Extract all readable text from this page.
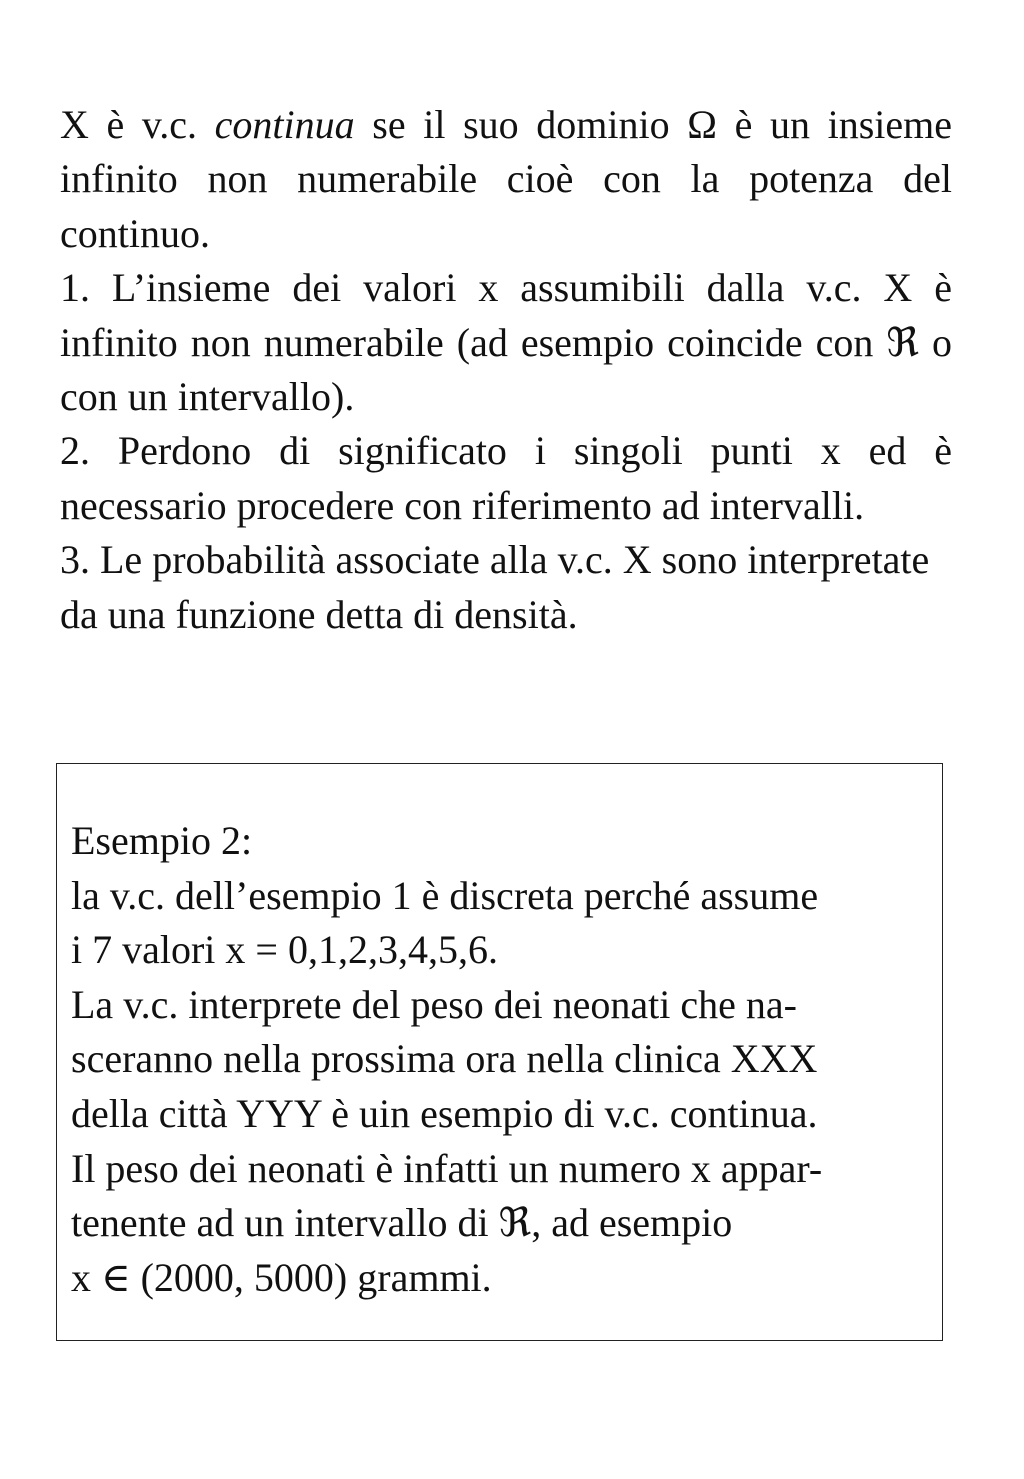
X è v.c. continua se il suo dominio Ω è un insieme infinito non numerabile cioè con la potenza del continuo.

1. L’insieme dei valori x assumibili dalla v.c. X è infinito non numerabile (ad esempio coincide con ℜ o con un intervallo).

2. Perdono di significato i singoli punti x ed è necessario procedere con riferimento ad intervalli.

3. Le probabilità associate alla v.c. X sono interpretate da una funzione detta di densità.

Esempio 2:
la v.c. dell’esempio 1 è discreta perché assume
i 7 valori x = 0,1,2,3,4,5,6.
La v.c. interprete del peso dei neonati che na-
sceranno nella prossima ora nella clinica XXX
della città YYY è uin esempio di v.c. continua.
Il peso dei neonati è infatti un numero x appar-
tenente ad un intervallo di ℜ, ad esempio
x ∈ (2000, 5000) grammi.
